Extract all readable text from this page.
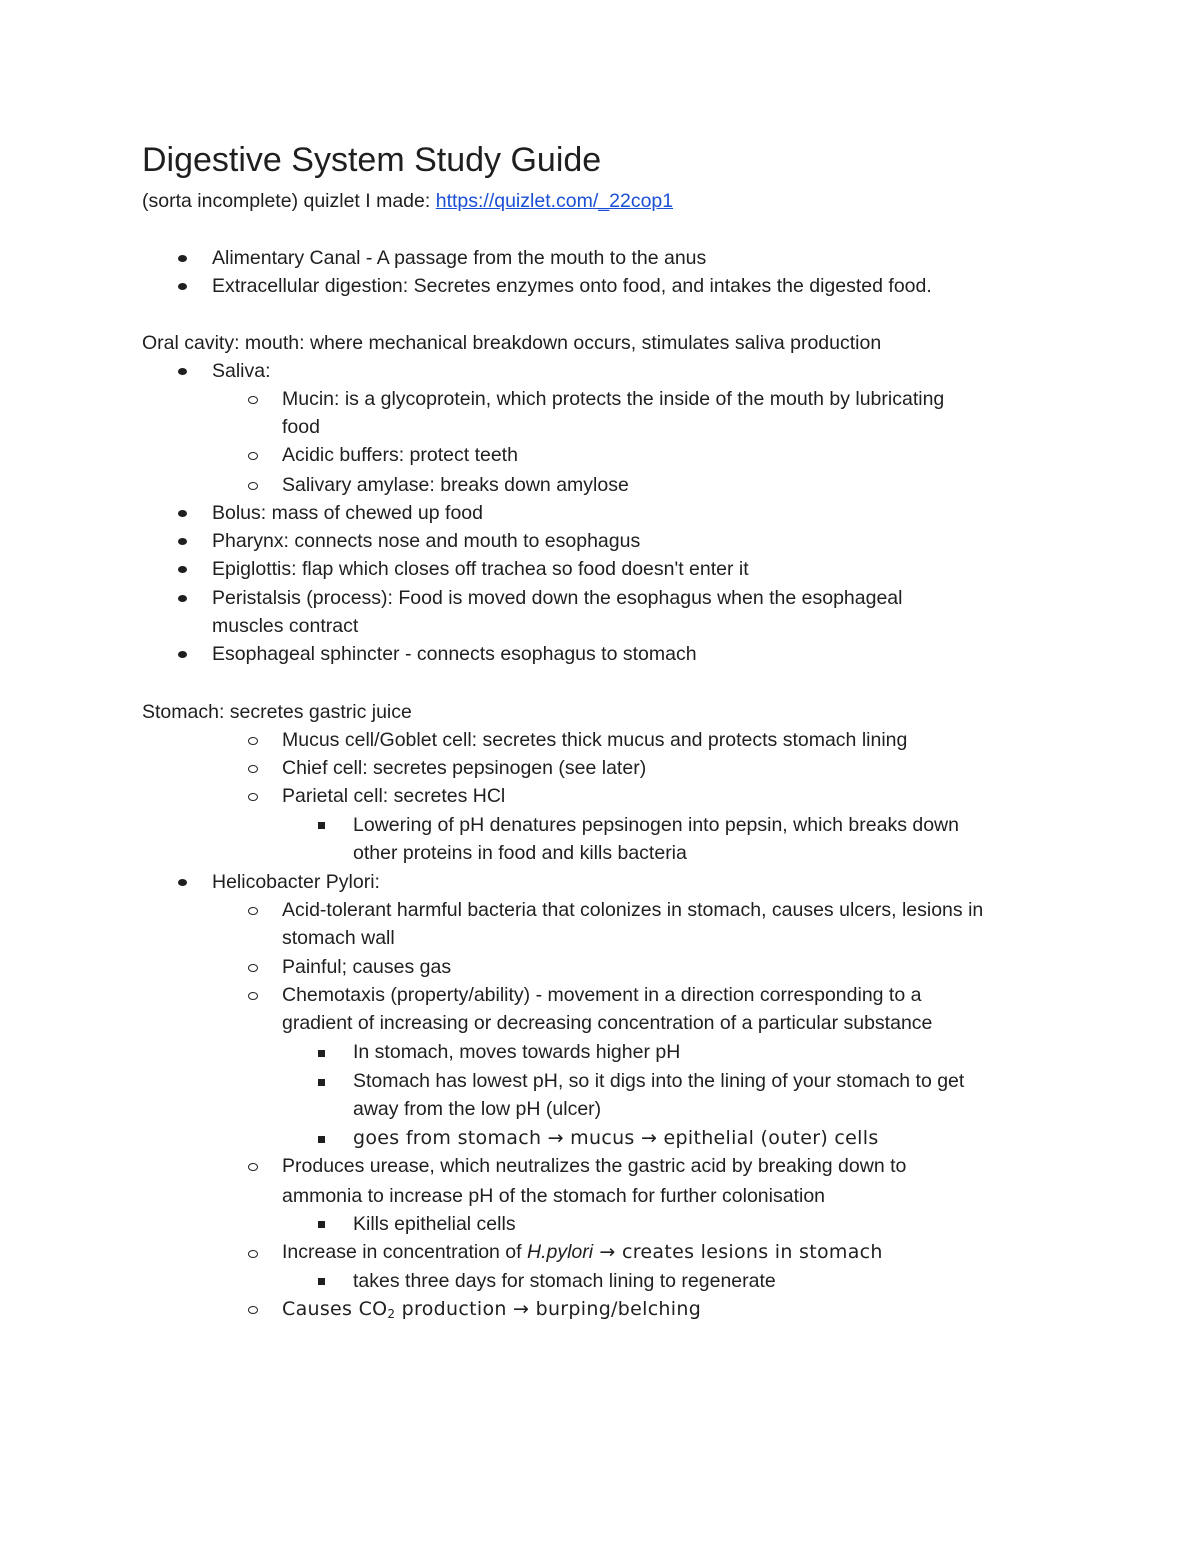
Digestive System Study Guide
(sorta incomplete) quizlet I made: https://quizlet.com/_22cop1
Alimentary Canal - A passage from the mouth to the anus
Extracellular digestion: Secretes enzymes onto food, and intakes the digested food.
Oral cavity: mouth: where mechanical breakdown occurs, stimulates saliva production
Saliva:
Mucin: is a glycoprotein, which protects the inside of the mouth by lubricating
food
Acidic buffers: protect teeth
Salivary amylase: breaks down amylose
Bolus: mass of chewed up food
Pharynx: connects nose and mouth to esophagus
Epiglottis: flap which closes off trachea so food doesn't enter it
Peristalsis (process): Food is moved down the esophagus when the esophageal
muscles contract
Esophageal sphincter - connects esophagus to stomach
Stomach: secretes gastric juice
Mucus cell/Goblet cell: secretes thick mucus and protects stomach lining
Chief cell: secretes pepsinogen (see later)
Parietal cell: secretes HCl
Lowering of pH denatures pepsinogen into pepsin, which breaks down
other proteins in food and kills bacteria
Helicobacter Pylori:
Acid-tolerant harmful bacteria that colonizes in stomach, causes ulcers, lesions in
stomach wall
Painful; causes gas
Chemotaxis (property/ability) - movement in a direction corresponding to a
gradient of increasing or decreasing concentration of a particular substance
In stomach, moves towards higher pH
Stomach has lowest pH, so it digs into the lining of your stomach to get
away from the low pH (ulcer)
goes from stomach → mucus → epithelial (outer) cells
Produces urease, which neutralizes the gastric acid by breaking down to
ammonia to increase pH of the stomach for further colonisation
Kills epithelial cells
Increase in concentration of H.pylori → creates lesions in stomach
takes three days for stomach lining to regenerate
Causes $CO_2$ production → burping/belching
